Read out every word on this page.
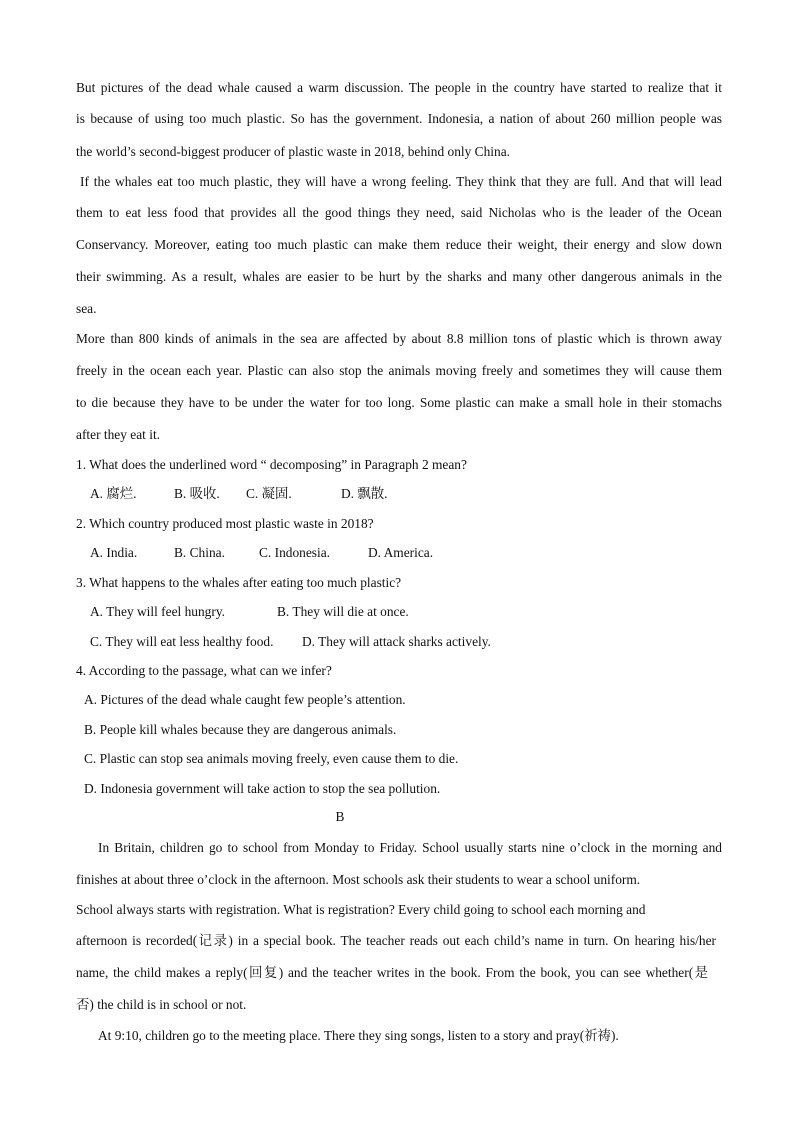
But pictures of the dead whale caused a warm discussion. The people in the country have started to realize that it
is because of using too much plastic. So has the government. Indonesia, a nation of about 260 million people was
the world’s second-biggest producer of plastic waste in 2018, behind only China.
If the whales eat too much plastic, they will have a wrong feeling. They think that they are full. And that will lead
them to eat less food that provides all the good things they need, said Nicholas who is the leader of the Ocean
Conservancy. Moreover, eating too much plastic can make them reduce their weight, their energy and slow down
their swimming. As a result, whales are easier to be hurt by the sharks and many other dangerous animals in the
sea.
More than 800 kinds of animals in the sea are affected by about 8.8 million tons of plastic which is thrown away
freely in the ocean each year. Plastic can also stop the animals moving freely and sometimes they will cause them
to die because they have to be under the water for too long. Some plastic can make a small hole in their stomachs
after they eat it.
1. What does the underlined word “ decomposing” in Paragraph 2 mean?
A. 腐烂.	B. 吸收.	C. 凝固.	D. 飘散.
2. Which country produced most plastic waste in 2018?
A. India.	B. China.	C. Indonesia.	D. America.
3. What happens to the whales after eating too much plastic?
A. They will feel hungry.	B. They will die at once.
C. They will eat less healthy food.	D. They will attack sharks actively.
4. According to the passage, what can we infer?
A. Pictures of the dead whale caught few people’s attention.
B. People kill whales because they are dangerous animals.
C. Plastic can stop sea animals moving freely, even cause them to die.
D. Indonesia government will take action to stop the sea pollution.
B
In Britain, children go to school from Monday to Friday. School usually starts nine o’clock in the morning and
finishes at about three o’clock in the afternoon. Most schools ask their students to wear a school uniform.
School always starts with registration. What is registration? Every child going to school each morning and
afternoon is recorded(记录) in a special book. The teacher reads out each child’s name in turn. On hearing his/her
name, the child makes a reply(回复) and the teacher writes in the book. From the book, you can see whether(是
否) the child is in school or not.
At 9:10, children go to the meeting place. There they sing songs, listen to a story and pray(祈祷).
